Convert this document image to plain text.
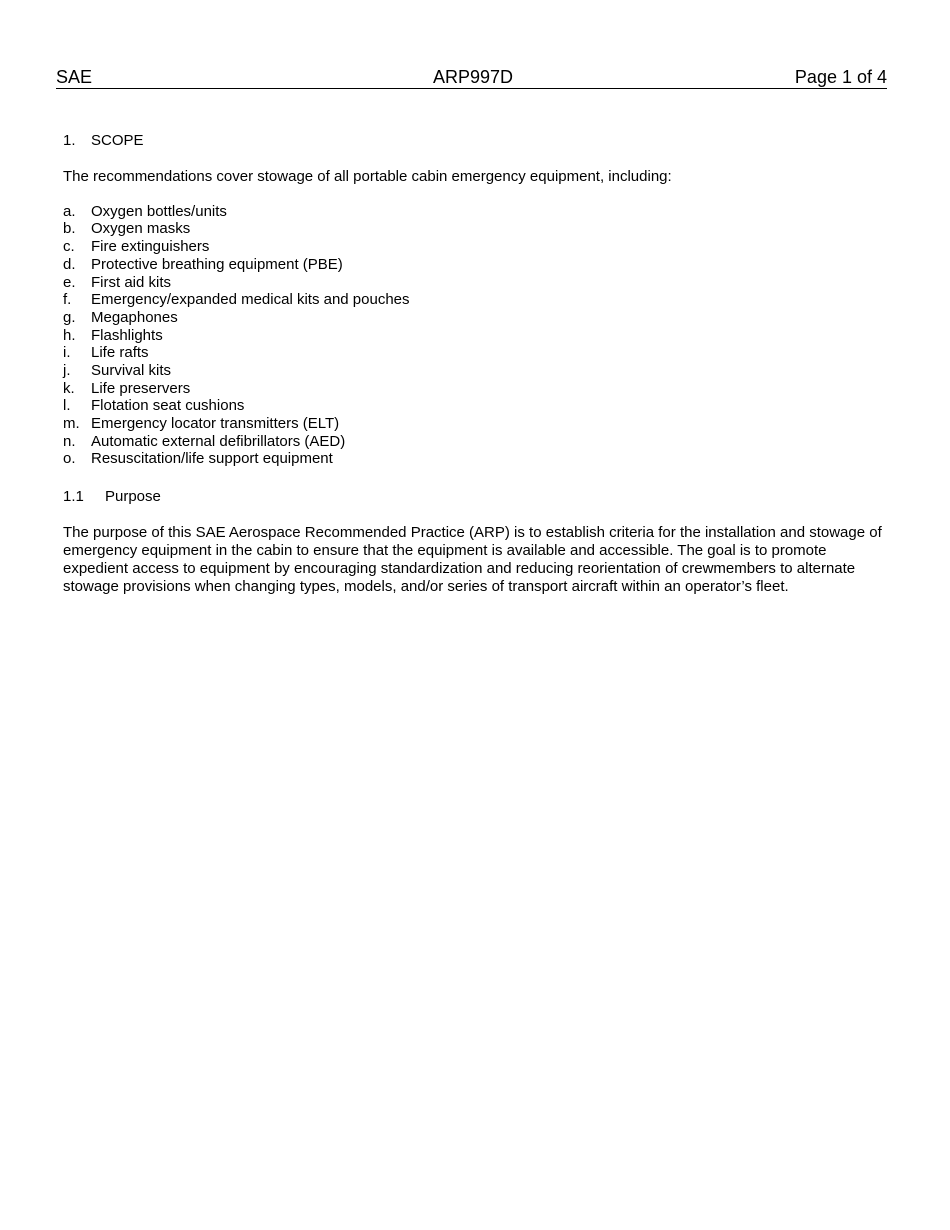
SAE	ARP997D	Page 1 of 4
1.	SCOPE

The recommendations cover stowage of all portable cabin emergency equipment, including:

a.	Oxygen bottles/units
b.	Oxygen masks
c.	Fire extinguishers
d.	Protective breathing equipment (PBE)
e.	First aid kits
f.	Emergency/expanded medical kits and pouches
g.	Megaphones
h.	Flashlights
i.	Life rafts
j.	Survival kits
k.	Life preservers
l.	Flotation seat cushions
m. Emergency locator transmitters (ELT)
n.	Automatic external defibrillators (AED)
o.	Resuscitation/life support equipment
1.1	Purpose

The purpose of this SAE Aerospace Recommended Practice (ARP) is to establish criteria for the installation and stowage of emergency equipment in the cabin to ensure that the equipment is available and accessible. The goal is to promote expedient access to equipment by encouraging standardization and reducing reorientation of crewmembers to alternate stowage provisions when changing types, models, and/or series of transport aircraft within an operator’s fleet.
